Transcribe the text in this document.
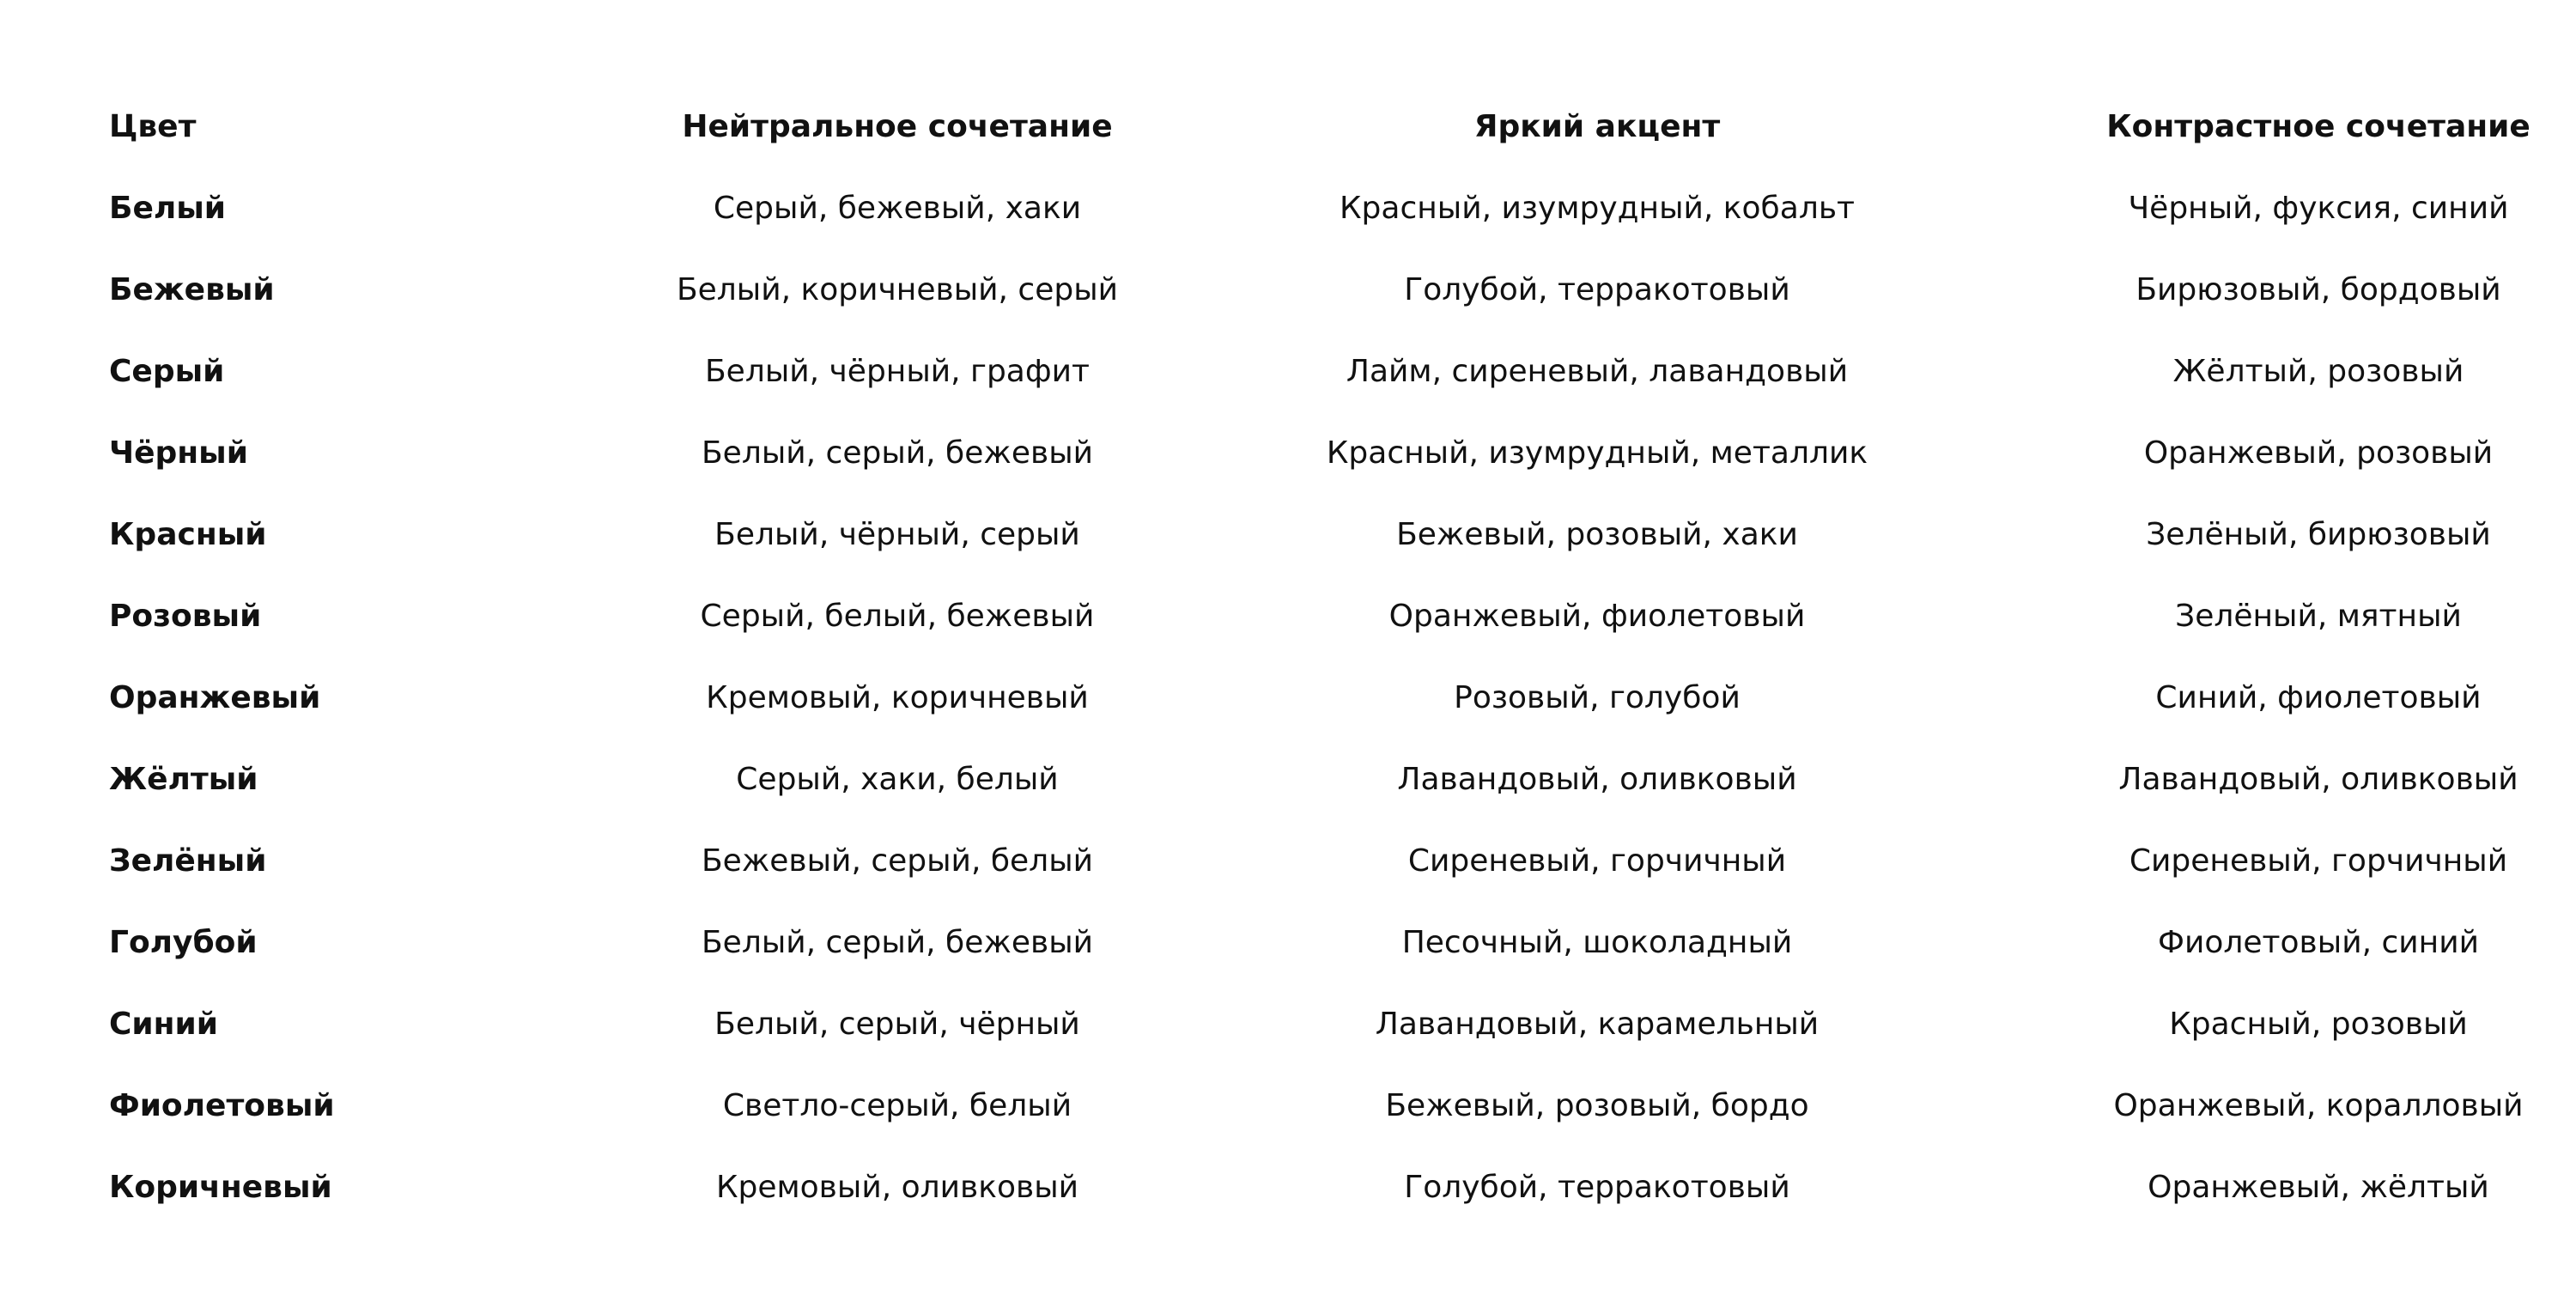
Цвет	Нейтральное сочетание	Яркий акцент	Контрастное сочетание
Белый	Серый, бежевый, хаки	Красный, изумрудный, кобальт	Чёрный, фуксия, синий
Бежевый	Белый, коричневый, серый	Голубой, терракотовый	Бирюзовый, бордовый
Серый	Белый, чёрный, графит	Лайм, сиреневый, лавандовый	Жёлтый, розовый
Чёрный	Белый, серый, бежевый	Красный, изумрудный, металлик	Оранжевый, розовый
Красный	Белый, чёрный, серый	Бежевый, розовый, хаки	Зелёный, бирюзовый
Розовый	Серый, белый, бежевый	Оранжевый, фиолетовый	Зелёный, мятный
Оранжевый	Кремовый, коричневый	Розовый, голубой	Синий, фиолетовый
Жёлтый	Серый, хаки, белый	Лавандовый, оливковый	Лавандовый, оливковый
Зелёный	Бежевый, серый, белый	Сиреневый, горчичный	Сиреневый, горчичный
Голубой	Белый, серый, бежевый	Песочный, шоколадный	Фиолетовый, синий
Синий	Белый, серый, чёрный	Лавандовый, карамельный	Красный, розовый
Фиолетовый	Светло-серый, белый	Бежевый, розовый, бордо	Оранжевый, коралловый
Коричневый	Кремовый, оливковый	Голубой, терракотовый	Оранжевый, жёлтый
